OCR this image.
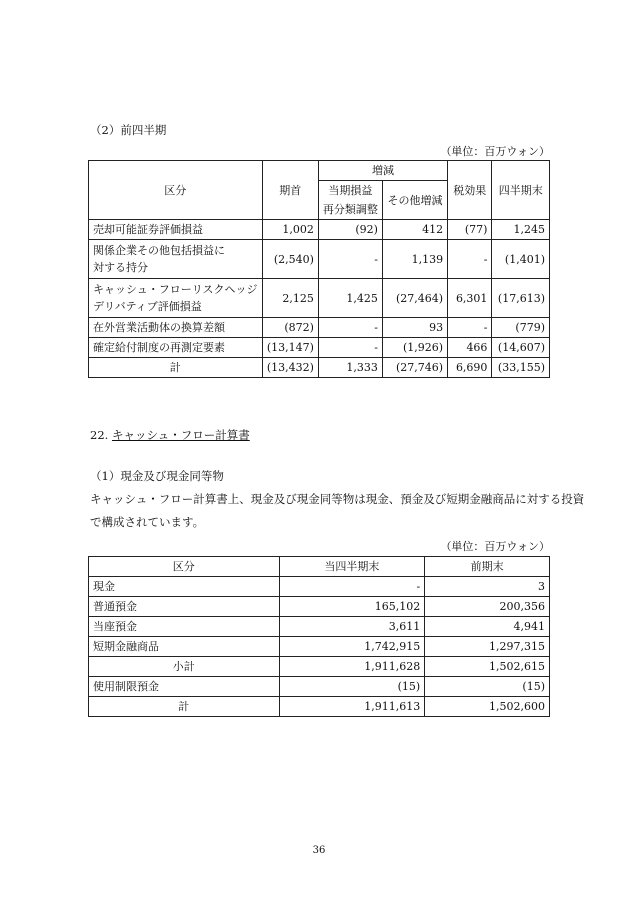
（2）前四半期
（単位：百万ウォン）
区分	期首	増減		税効果	四半期末
		当期損益	その他増減		
		再分類調整			
売却可能証券評価損益	1,002	(92)	412	(77)	1,245
関係企業その他包括損益に
対する持分	(2,540)	-	1,139	-	(1,401)
キャッシュ・フローリスクヘッジ
デリバティブ評価損益	2,125	1,425	(27,464)	6,301	(17,613)
在外営業活動体の換算差額	(872)	-	93	-	(779)
確定給付制度の再測定要素	(13,147)	-	(1,926)	466	(14,607)
計	(13,432)	1,333	(27,746)	6,690	(33,155)
22. キャッシュ・フロー計算書
（1）現金及び現金同等物
キャッシュ・フロー計算書上、現金及び現金同等物は現金、預金及び短期金融商品に対する投資
で構成されています。
（単位：百万ウォン）
区分	当四半期末	前期末
現金	-	3
普通預金	165,102	200,356
当座預金	3,611	4,941
短期金融商品	1,742,915	1,297,315
小計	1,911,628	1,502,615
使用制限預金	(15)	(15)
計	1,911,613	1,502,600
36
